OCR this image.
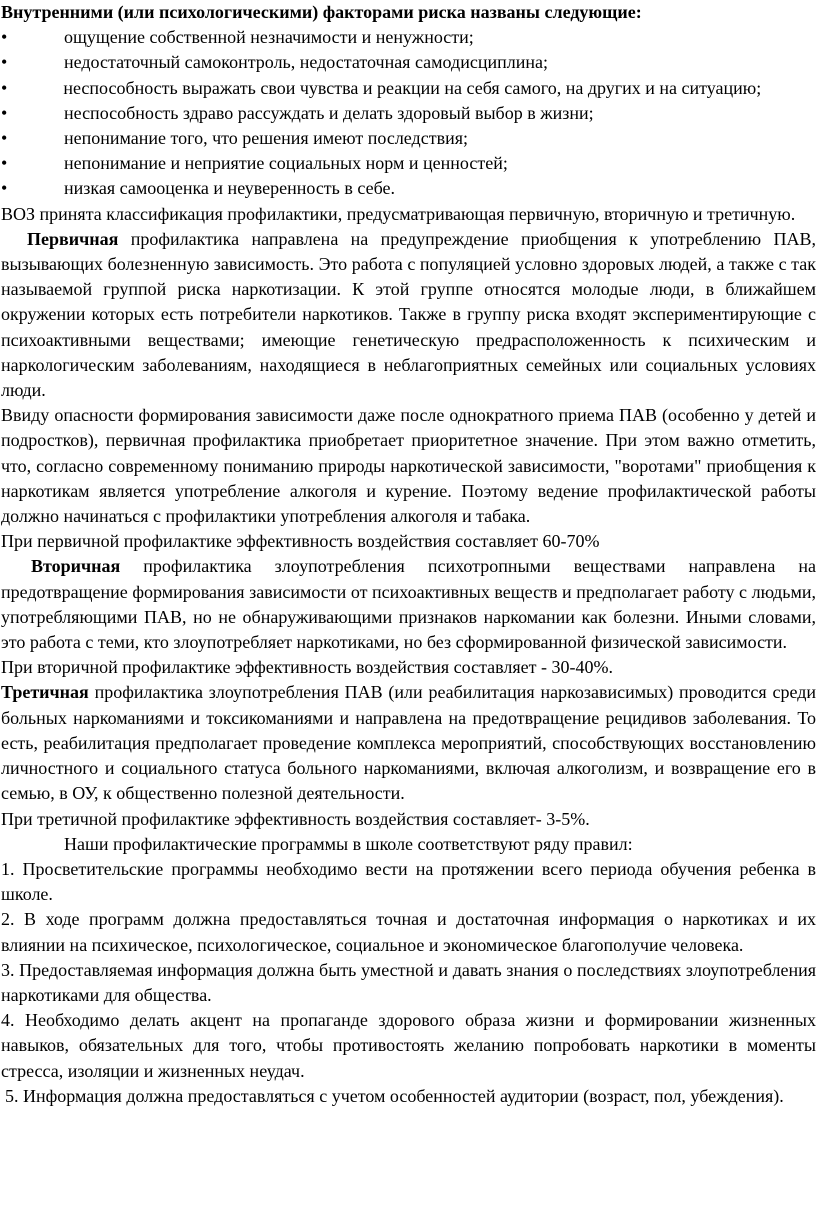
Внутренними (или психологическими) факторами риска названы следующие:

•	ощущение собственной незначимости и ненужности;
•	недостаточный самоконтроль, недостаточная самодисциплина;

•	неспособность выражать свои чувства и реакции на себя самого, на других и на ситуацию;

•	неспособность здраво рассуждать и делать здоровый выбор в жизни;
•	непонимание того, что решения имеют последствия;
•	непонимание и неприятие социальных норм и ценностей;
•	низкая самооценка и неуверенность в себе.

ВОЗ принята классификация профилактики, предусматривающая первичную, вторичную и третичную.

Первичная профилактика направлена на предупреждение приобщения к употреблению ПАВ, вызывающих болезненную зависимость. Это работа с популяцией условно здоровых людей, а также с так называемой группой риска наркотизации. К этой группе относятся молодые люди, в ближайшем окружении которых есть потребители наркотиков. Также в группу риска входят экспериментирующие с психоактивными веществами; имеющие генетическую предрасположенность к психическим и наркологическим заболеваниям, находящиеся в неблагоприятных семейных или социальных условиях люди.

Ввиду опасности формирования зависимости даже после однократного приема ПАВ (особенно у детей и подростков), первичная профилактика приобретает приоритетное значение. При этом важно отметить, что, согласно современному пониманию природы наркотической зависимости, "воротами" приобщения к наркотикам является употребление алкоголя и курение. Поэтому ведение профилактической работы должно начинаться с профилактики употребления алкоголя и табака.

При первичной профилактике эффективность воздействия составляет 60-70%

Вторичная профилактика злоупотребления психотропными веществами направлена на предотвращение формирования зависимости от психоактивных веществ и предполагает работу с людьми, употребляющими ПАВ, но не обнаруживающими признаков наркомании как болезни. Иными словами, это работа с теми, кто злоупотребляет наркотиками, но без сформированной физической зависимости.

При вторичной профилактике эффективность воздействия составляет - 30-40%.

Третичная профилактика злоупотребления ПАВ (или реабилитация наркозависимых) проводится среди больных наркоманиями и токсикоманиями и направлена на предотвращение рецидивов заболевания. То есть, реабилитация предполагает проведение комплекса мероприятий, способствующих восстановлению личностного и социального статуса больного наркоманиями, включая алкоголизм, и возвращение его в семью, в ОУ, к общественно полезной деятельности.

При третичной профилактике эффективность воздействия составляет- 3-5%.

Наши профилактические программы в школе соответствуют ряду правил:

1. Просветительские программы необходимо вести на протяжении всего периода обучения ребенка в школе.

2. В ходе программ должна предоставляться точная и достаточная информация о наркотиках и их влиянии на психическое, психологическое, социальное и экономическое благополучие человека.

3. Предоставляемая информация должна быть уместной и давать знания о последствиях злоупотребления наркотиками для общества.

4. Необходимо делать акцент на пропаганде здорового образа жизни и формировании жизненных навыков, обязательных для того, чтобы противостоять желанию попробовать наркотики в моменты стресса, изоляции и жизненных неудач.

5. Информация должна предоставляться с учетом особенностей аудитории (возраст, пол, убеждения).
